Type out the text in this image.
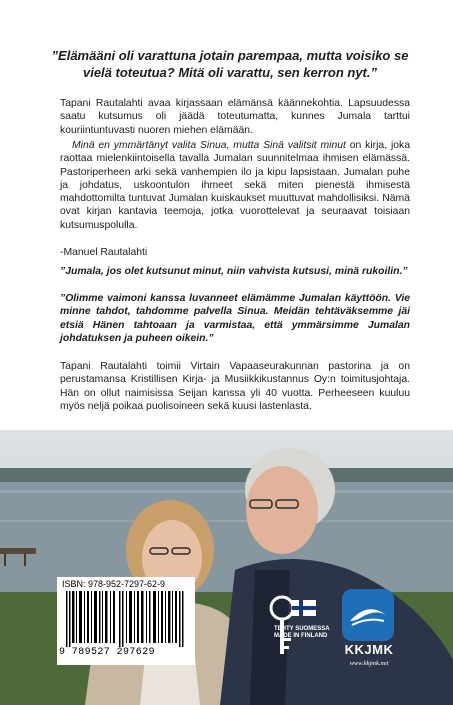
”Elämääni oli varattuna jotain parempaa, mutta voisiko se vielä toteutua? Mitä oli varattu, sen kerron nyt.”

Tapani Rautalahti avaa kirjassaan elämänsä käännekohtia. Lapsuudessa saatu kutsumus oli jäädä toteutumatta, kunnes Jumala tarttui kouriintuntuvasti nuoren miehen elämään.

Minä en ymmärtänyt valita Sinua, mutta Sinä valitsit minut on kirja, joka raottaa mielenkiintoisella tavalla Jumalan suunnitelmaa ihmisen elämässä. Pastoriperheen arki sekä vanhempien ilo ja kipu lapsistaan. Jumalan puhe ja johdatus, uskoontulon ihmeet sekä miten pienestä ihmisestä mahdottomilta tuntuvat Jumalan kuiskaukset muuttuvat mahdollisiksi. Nämä ovat kirjan kantavia teemoja, jotka vuorottelevat ja seuraavat toisiaan kutsumuspolulla.

-Manuel Rautalahti

”Jumala, jos olet kutsunut minut, niin vahvista kutsusi, minä rukoilin.”

”Olimme vaimoni kanssa luvanneet elämämme Jumalan käyttöön. Vie minne tahdot, tahdomme palvella Sinua. Meidän tehtäväksemme jäi etsiä Hänen tahtoaan ja varmistaa, että ymmärsimme Jumalan johdatuksen ja puheen oikein.”

Tapani Rautalahti toimii Virtain Vapaaseurakunnan pastorina ja on perustamansa Kristillisen Kirja- ja Musiikkikustannus Oy:n toimitusjohtaja. Hän on ollut naimisissa Seijan kanssa yli 40 vuotta. Perheeseen kuuluu myös neljä poikaa puolisoineen sekä kuusi lastenlasta.

ISBN: 978-952-7297-62-9
9 789527 297629
TEHTY SUOMESSA MADE IN FINLAND
KKJMK
www.kkjmk.net
